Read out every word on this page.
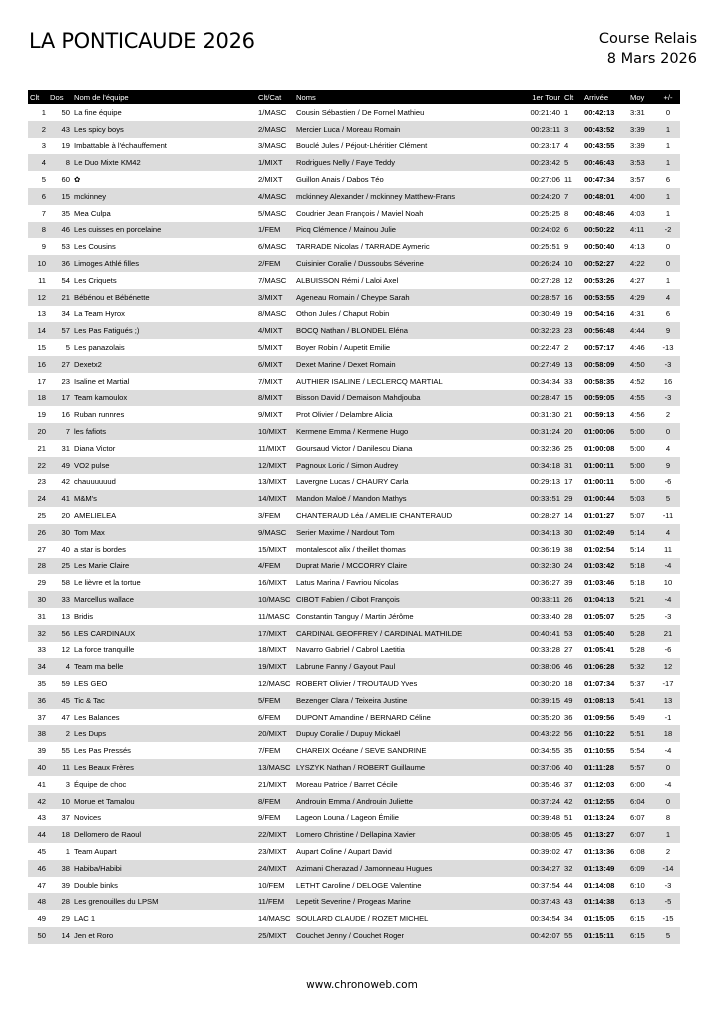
LA PONTICAUDE 2026	Course Relais
8 Mars 2026
Clt	Dos	Nom de l'équipe	Clt/Cat	Noms	1er Tour	Clt	Arrivée	Moy	+/-
1	50	La fine équipe	1/MASC	Cousin Sébastien / De Fornel Mathieu	00:21:40	1	00:42:13	3:31	0
2	43	Les spicy boys	2/MASC	Mercier Luca / Moreau Romain	00:23:11	3	00:43:52	3:39	1
3	19	Imbattable à l'échauffement	3/MASC	Bouclé Jules / Péjout-Lhéritier Clément	00:23:17	4	00:43:55	3:39	1
4	8	Le Duo Mixte KM42	1/MIXT	Rodrigues Nelly / Faye Teddy	00:23:42	5	00:46:43	3:53	1
5	60	✿	2/MIXT	Guillon Anais / Dabos Téo	00:27:06	11	00:47:34	3:57	6
6	15	mckinney	4/MASC	mckinney Alexander / mckinney Matthew-Frans	00:24:20	7	00:48:01	4:00	1
7	35	Mea Culpa	5/MASC	Coudrier Jean François / Maviel Noah	00:25:25	8	00:48:46	4:03	1
8	46	Les cuisses en porcelaine	1/FEM	Picq Clémence / Mainou Julie	00:24:02	6	00:50:22	4:11	-2
9	53	Les Cousins	6/MASC	TARRADE Nicolas / TARRADE Aymeric	00:25:51	9	00:50:40	4:13	0
10	36	Limoges Athlé filles	2/FEM	Cuisinier Coralie / Dussoubs Séverine	00:26:24	10	00:52:27	4:22	0
11	54	Les Criquets	7/MASC	ALBUISSON Rémi / Laloi Axel	00:27:28	12	00:53:26	4:27	1
12	21	Bébénou et Bébénette	3/MIXT	Ageneau Romain / Cheype Sarah	00:28:57	16	00:53:55	4:29	4
13	34	La Team Hyrox	8/MASC	Othon Jules / Chaput Robin	00:30:49	19	00:54:16	4:31	6
14	57	Les Pas Fatigués ;)	4/MIXT	BOCQ Nathan / BLONDEL Eléna	00:32:23	23	00:56:48	4:44	9
15	5	Les panazolais	5/MIXT	Boyer Robin / Aupetit Emilie	00:22:47	2	00:57:17	4:46	-13
16	27	Dexetx2	6/MIXT	Dexet Marine / Dexet Romain	00:27:49	13	00:58:09	4:50	-3
17	23	Isaline et Martial	7/MIXT	AUTHIER ISALINE / LECLERCQ MARTIAL	00:34:34	33	00:58:35	4:52	16
18	17	Team kamoulox	8/MIXT	Bisson David / Demaison Mahdjouba	00:28:47	15	00:59:05	4:55	-3
19	16	Ruban runnres	9/MIXT	Prot Olivier / Delambre Alicia	00:31:30	21	00:59:13	4:56	2
20	7	les fafiots	10/MIXT	Kermene Emma / Kermene Hugo	00:31:24	20	01:00:06	5:00	0
21	31	Diana Victor	11/MIXT	Goursaud Victor / Danilescu Diana	00:32:36	25	01:00:08	5:00	4
22	49	VO2 pulse	12/MIXT	Pagnoux Loric / Simon Audrey	00:34:18	31	01:00:11	5:00	9
23	42	chauuuuuud	13/MIXT	Lavergne Lucas / CHAURY Carla	00:29:13	17	01:00:11	5:00	-6
24	41	M&M's	14/MIXT	Mandon Maloë / Mandon Mathys	00:33:51	29	01:00:44	5:03	5
25	20	AMELIELEA	3/FEM	CHANTERAUD Léa / AMELIE CHANTERAUD	00:28:27	14	01:01:27	5:07	-11
26	30	Tom Max	9/MASC	Serier Maxime / Nardout Tom	00:34:13	30	01:02:49	5:14	4
27	40	a star is bordes	15/MIXT	montalescot alix / theillet thomas	00:36:19	38	01:02:54	5:14	11
28	25	Les Marie Claire	4/FEM	Duprat Marie / MCCORRY Claire	00:32:30	24	01:03:42	5:18	-4
29	58	Le lièvre et la tortue	16/MIXT	Latus Marina / Favriou Nicolas	00:36:27	39	01:03:46	5:18	10
30	33	Marcellus wallace	10/MASC	CIBOT Fabien / Cibot François	00:33:11	26	01:04:13	5:21	-4
31	13	Bridis	11/MASC	Constantin Tanguy / Martin Jérôme	00:33:40	28	01:05:07	5:25	-3
32	56	LES CARDINAUX	17/MIXT	CARDINAL GEOFFREY / CARDINAL MATHILDE	00:40:41	53	01:05:40	5:28	21
33	12	La force tranquille	18/MIXT	Navarro Gabriel / Cabrol Laetitia	00:33:28	27	01:05:41	5:28	-6
34	4	Team ma belle	19/MIXT	Labrune Fanny / Gayout Paul	00:38:06	46	01:06:28	5:32	12
35	59	LES GEO	12/MASC	ROBERT Olivier / TROUTAUD Yves	00:30:20	18	01:07:34	5:37	-17
36	45	Tic & Tac	5/FEM	Bezenger Clara / Teixeira Justine	00:39:15	49	01:08:13	5:41	13
37	47	Les Balances	6/FEM	DUPONT Amandine / BERNARD Céline	00:35:20	36	01:09:56	5:49	-1
38	2	Les Dups	20/MIXT	Dupuy Coralie / Dupuy Mickaël	00:43:22	56	01:10:22	5:51	18
39	55	Les Pas Pressés	7/FEM	CHAREIX Océane / SEVE SANDRINE	00:34:55	35	01:10:55	5:54	-4
40	11	Les Beaux Frères	13/MASC	LYSZYK Nathan / ROBERT Guillaume	00:37:06	40	01:11:28	5:57	0
41	3	Équipe de choc	21/MIXT	Moreau Patrice / Barret Cécile	00:35:46	37	01:12:03	6:00	-4
42	10	Morue et Tamalou	8/FEM	Androuin Emma / Androuin Juliette	00:37:24	42	01:12:55	6:04	0
43	37	Novices	9/FEM	Lageon Louna / Lageon Émilie	00:39:48	51	01:13:24	6:07	8
44	18	Dellomero de Raoul	22/MIXT	Lomero Christine / Dellapina Xavier	00:38:05	45	01:13:27	6:07	1
45	1	Team Aupart	23/MIXT	Aupart Coline / Aupart David	00:39:02	47	01:13:36	6:08	2
46	38	Habiba/Habibi	24/MIXT	Azimani Cherazad / Jamonneau Hugues	00:34:27	32	01:13:49	6:09	-14
47	39	Double binks	10/FEM	LETHT Caroline / DELOGE Valentine	00:37:54	44	01:14:08	6:10	-3
48	28	Les grenouilles du LPSM	11/FEM	Lepetit Severine / Progeas Marine	00:37:43	43	01:14:38	6:13	-5
49	29	LAC 1	14/MASC	SOULARD CLAUDE / ROZET MICHEL	00:34:54	34	01:15:05	6:15	-15
50	14	Jen et Roro	25/MIXT	Couchet Jenny / Couchet Roger	00:42:07	55	01:15:11	6:15	5
www.chronoweb.com
